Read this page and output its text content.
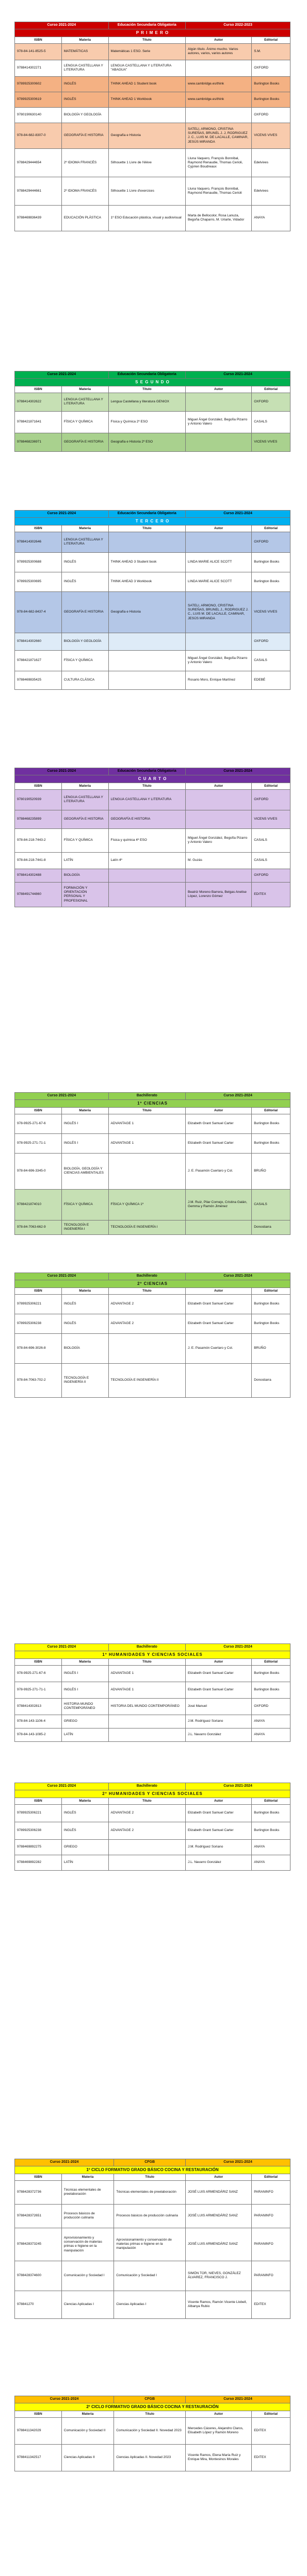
Curso 2021-2024		Educación Secundaria Obligatoria	Curso 2022-2023	
P R I M E R O				
ISBN	Materia	Título	Autor	Editorial
978-84-141-8525-5	MATEMÁTICAS	Matemáticas 1 ESO. Serie	Algún título. Ánimo mucho. Varios autores, varios, varios autores	S.M.
9788414302271	LENGUA CASTELLANA Y LITERATURA	LENGUA CASTELLANA Y LITERATURA "ABAGUA"		OXFORD
9789925300602	INGLÉS	THINK AHEAD 1 Student book	www.cambridge.es/think	Burlington Books
9789925300619	INGLÉS	THINK AHEAD 1 Workbook	www.cambridge.es/think	Burlington Books
9780190630140	BIOLOGÍA Y GEOLOGÍA			OXFORD
978-84-682-8307-0	GEOGRAFÍA E HISTORIA	Geografía e Historia	SATELI, ARMONO, CRISTINA SUREÑAS, BRUNEL J. J, RODRIGUEZ J. C., LUIS M. DE LACALLE, CAMINAR, JESÚS MIRANDA	VICENS VIVES
9788429444654	2º IDIOMA FRANCÉS	Silhouette 1 Livre de l'élève	Lluna Vaquero, François Bonnibal, Raymond Renaudie, Thomas Cerioli, Cyprien Boudreaux	Edelvives
9788429444661	2º IDIOMA FRANCÉS	Silhouette 1 Livre d'exercices	Lluna Vaquero, François Bonnibal, Raymond Renaudie, Thomas Cerioli	Edelvives
9788469836439	EDUCACIÓN PLÁSTICA	1º ESO Educación plástica, visual y audiovisual	Marta de Bellocolor, Rosa Lanuza, Begoña Chaparro, M. Uriarte, Vidador	ANAYA
Curso 2021-2024		Educación Secundaria Obligatoria	Curso 2021-2024	
S E G U N D O				
ISBN	Materia	Título	Autor	Editorial
9788414302622	LENGUA CASTELLANA Y LITERATURA	Lengua Castellana y literatura GENIOX		OXFORD
9788421871641	FÍSICA Y QUÍMICA	Física y Química 2º ESO	Miguel Ángel González, Begoña Pizarro y Antonio Valero	CASALS
9788468236971	GEOGRAFÍA E HISTORIA	Geografía e Historia 2º ESO		VICENS VIVES
Curso 2021-2024		Educación Secundaria Obligatoria	Curso 2021-2024	
T E R C E R O				
ISBN	Materia	Título	Autor	Editorial
9788414302646	LENGUA CASTELLANA Y LITERATURA			OXFORD
9789925300688	INGLÉS	THINK AHEAD 3 Student book	LINDA MARIE ALICE SCOTT	Burlington Books
9789925300695	INGLÉS	THINK AHEAD 3 Workbook	LINDA MARIE ALICE SCOTT	Burlington Books
978-84-682-8437-4	GEOGRAFÍA E HISTORIA	Geografía e Historia	SATELI, ARMONO, CRISTINA SUREÑAS, BRUNEL J., RODRIGUEZ J. C., LUIS M. DE LACALLE, CAMINAR, JESÚS MIRANDA	VICENS VIVES
9788414302660	BIOLOGÍA Y GEOLOGÍA			OXFORD
9788421871627	FÍSICA Y QUÍMICA		Miguel Ángel González, Begoña Pizarro y Antonio Valero	CASALS
9788469835425	CULTURA CLÁSICA		Rosario Moro, Enrique Martínez	EDEBÉ
Curso 2021-2024		Educación Secundaria Obligatoria	Curso 2021-2024	
C U A R T O				
ISBN	Materia	Título	Autor	Editorial
9780190520939	LENGUA CASTELLANA Y LITERATURA	LENGUA CASTELLANA Y LITERATURA		OXFORD
9788468235899	GEOGRAFÍA E HISTORIA	GEOGRAFÍA E HISTORIA		VICENS VIVES
978-84-218-7443-2	FÍSICA Y QUÍMICA	Física y química 4º ESO	Miguel Ángel González, Begoña Pizarro y Antonio Valero	CASALS
978-84-218-7441-8	LATÍN	Latín 4º	M. Guzás	CASALS
9788414302488	BIOLOGÍA			OXFORD
9788491744860	FORMACIÓN Y ORIENTACIÓN PERSONAL Y PROFESIONAL		Beatriz Moreno Barrera, Belgas Anelise López, Lorenzo Gómez	EDITEX
Curso 2021-2024		Bachillerato	Curso 2021-2024	
1º CIENCIAS				
ISBN	Materia	Título	Autor	Editorial
978-9925-271-67-6	INGLÉS I	ADVANTAGE 1	Elizabeth Grant Samuel Carter	Burlington Books
978-9925-271-71-1	INGLÉS I	ADVANTAGE 1	Elizabeth Grant Samuel Carter	Burlington Books
978-84-696-3345-0	BIOLOGÍA, GEOLOGÍA Y CIENCIAS AMBIENTALES		J. E. Pasamón Cuerlaro y Col.	BRUÑO
9788421874010	FÍSICA Y QUÍMICA	FÍSICA Y QUÍMICA 1º	J.M. Ruiz, Pilar Cornejo, Cristina Galán, Gemma y Ramón Jiménez	CASALS
978-84-7063-662-9	TECNOLOGÍA E INGENIERÍA I	TECNOLOGÍA E INGENIERÍA I		Donostiarra
Curso 2021-2024		Bachillerato	Curso 2021-2024	
2º CIENCIAS				
ISBN	Materia	Título	Autor	Editorial
9789925306221	INGLÉS	ADVANTAGE 2	Elizabeth Grant Samuel Carter	Burlington Books
9789925306238	INGLÉS	ADVANTAGE 2	Elizabeth Grant Samuel Carter	Burlington Books
978-84-696-3026-8	BIOLOGÍA		J. E. Pasamón Cuerlaro y Col.	BRUÑO
978-84-7063-702-2	TECNOLOGÍA E INGENIERÍA II	TECNOLOGÍA E INGENIERÍA II		Donostiarra
Curso 2021-2024		Bachillerato	Curso 2021-2024	
1º HUMANIDADES Y CIENCIAS SOCIALES				
ISBN	Materia	Título	Autor	Editorial
978-9925-271-67-6	INGLÉS I	ADVANTAGE 1	Elizabeth Grant Samuel Carter	Burlington Books
978-9925-271-71-1	INGLÉS I	ADVANTAGE 1	Elizabeth Grant Samuel Carter	Burlington Books
9788414302813	HISTORIA MUNDO CONTEMPORÁNEO	HISTORIA DEL MUNDO CONTEMPORÁNEO	José Manuel	OXFORD
978-84-143-1106-4	GRIEGO		J.M. Rodríguez Soriano	ANAYA
978-84-143-1085-2	LATÍN		J.L. Navarro González	ANAYA
Curso 2021-2024		Bachillerato	Curso 2021-2024	
2º HUMANIDADES Y CIENCIAS SOCIALES				
ISBN	Materia	Título	Autor	Editorial
9789925306221	INGLÉS	ADVANTAGE 2	Elizabeth Grant Samuel Carter	Burlington Books
9789925306238	INGLÉS	ADVANTAGE 2	Elizabeth Grant Samuel Carter	Burlington Books
9788469892275	GRIEGO		J.M. Rodríguez Soriano	ANAYA
9788469892282	LATÍN		J.L. Navarro González	ANAYA
Curso 2021-2024		CFGB	Curso 2021-2024	
1º CICLO FORMATIVO GRADO BÁSICO COCINA Y RESTAURACIÓN				
ISBN	Materia	Título	Autor	Editorial
9788428372736	Técnicas elementales de preelaboración	Técnicas elementales de preelaboración	JOSÉ LUIS ARMENDÁRIZ SANZ	PARANINFO
9788428372651	Procesos básicos de producción culinaria	Procesos básicos de producción culinaria	JOSÉ LUIS ARMENDÁRIZ SANZ	PARANINFO
9788428373245	Aprovisionamiento y conservación de materias primas e higiene en la manipulación	Aprovisionamiento y conservación de materias primas e higiene en la manipulación	JOSÉ LUIS ARMENDÁRIZ SANZ	PARANINFO
9788428374600	Comunicación y Sociedad I	Comunicación y Sociedad I	SIMÓN TOR, NIEVES, GONZÁLEZ ÁLVAREZ, FRANCISCO J.	PARANINFO
978841270	Ciencias Aplicadas I	Ciencias Aplicadas I	Vicente Ramos, Ramón Vicente Llobell, Albanya Rubio	EDITEX
Curso 2021-2024		CFGB	Curso 2021-2024	
2º CICLO FORMATIVO GRADO BÁSICO COCINA Y RESTAURACIÓN				
ISBN	Materia	Título	Autor	Editorial
9788411342029	Comunicación y Sociedad II	Comunicación y Sociedad II. Novedad 2023	Mercedes Cáceres, Alejandro Claros, Elisabeth López y Ramón Moreno	EDITEX
9788411342517	Ciencias Aplicadas II	Ciencias Aplicadas II. Novedad 2023	Vicente Ramos, Elena María Ruiz y Enrique Mira, Montesinos Morales	EDITEX
